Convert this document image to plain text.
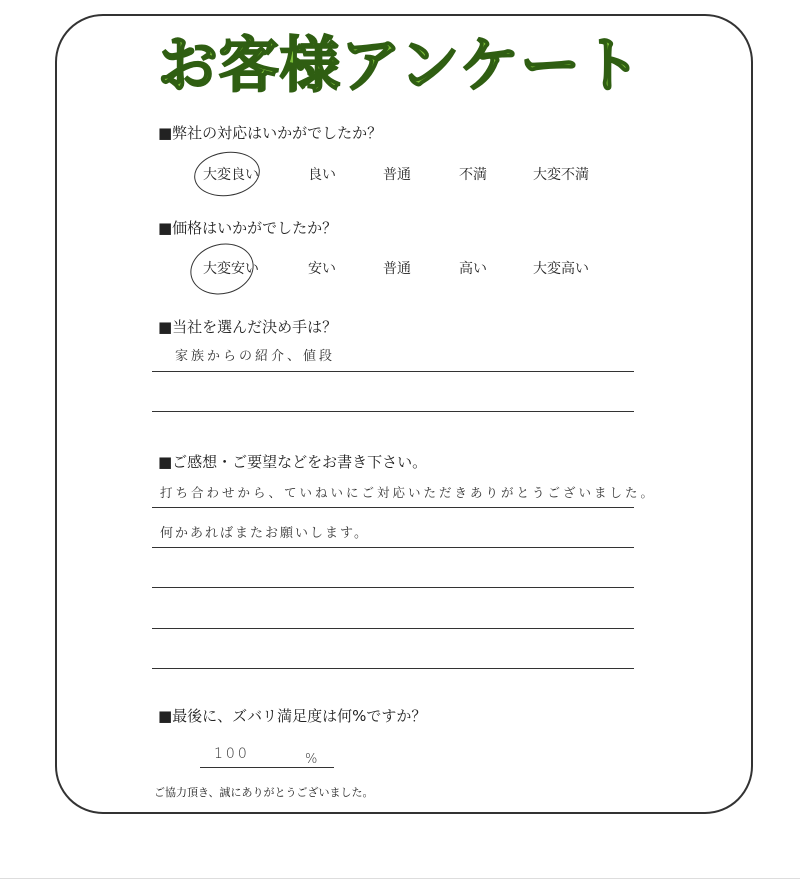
お客様アンケート
■弊社の対応はいかがでしたか？
大変良い	良い	普通	不満	大変不満
■価格はいかがでしたか？
大変安い	安い	普通	高い	大変高い
■当社を選んだ決め手は？
家族からの紹介、値段
■ご感想・ご要望などをお書き下さい。
打ち合わせから、ていねいにご対応いただきありがとうございました。
何かあればまたお願いします。
■最後に、ズバリ満足度は何%ですか？
100	%
ご協力頂き、誠にありがとうございました。
